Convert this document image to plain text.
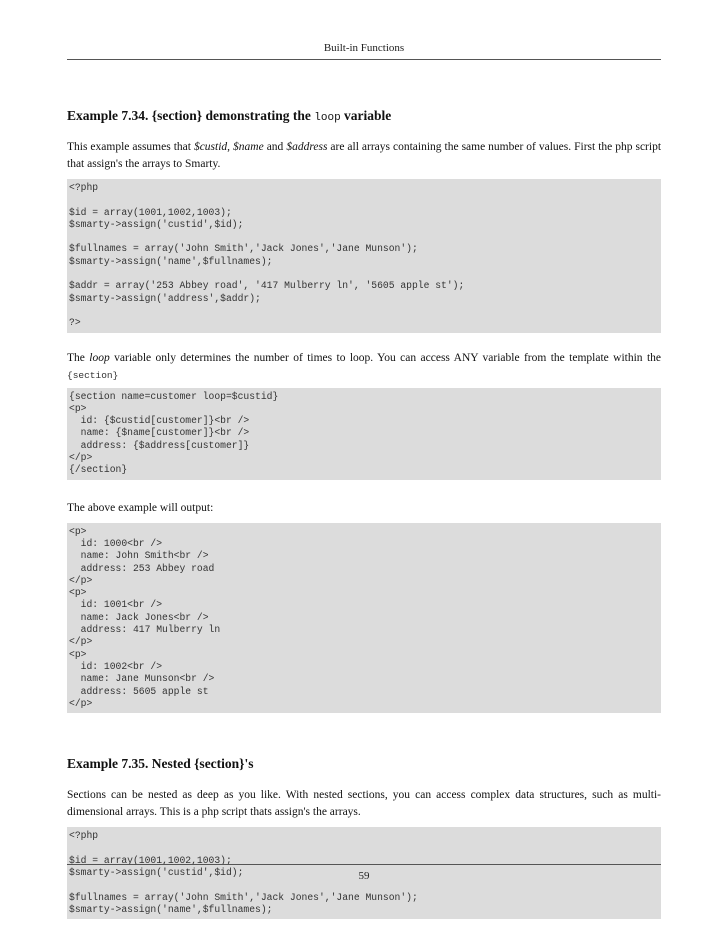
Built-in Functions
Example 7.34. {section} demonstrating the loop variable

This example assumes that $custid, $name and $address are all arrays containing the same number of values. First the php script that assign's the arrays to Smarty.

<?php

$id = array(1001,1002,1003);
$smarty->assign('custid',$id);

$fullnames = array('John Smith','Jack Jones','Jane Munson');
$smarty->assign('name',$fullnames);

$addr = array('253 Abbey road', '417 Mulberry ln', '5605 apple st');
$smarty->assign('address',$addr);

?>

The loop variable only determines the number of times to loop. You can access ANY variable from the template within the {section}

{section name=customer loop=$custid}
<p>
id: {$custid[customer]}<br />
name: {$name[customer]}<br />
address: {$address[customer]}
</p>
{/section}

The above example will output:

<p>
id: 1000<br />
name: John Smith<br />
address: 253 Abbey road
</p>
<p>
id: 1001<br />
name: Jack Jones<br />
address: 417 Mulberry ln
</p>
<p>
id: 1002<br />
name: Jane Munson<br />
address: 5605 apple st
</p>
Example 7.35. Nested {section}'s

Sections can be nested as deep as you like. With nested sections, you can access complex data structures, such as multi-dimensional arrays. This is a php script thats assign's the arrays.

<?php

$id = array(1001,1002,1003);
$smarty->assign('custid',$id);

$fullnames = array('John Smith','Jack Jones','Jane Munson');
$smarty->assign('name',$fullnames);
59
